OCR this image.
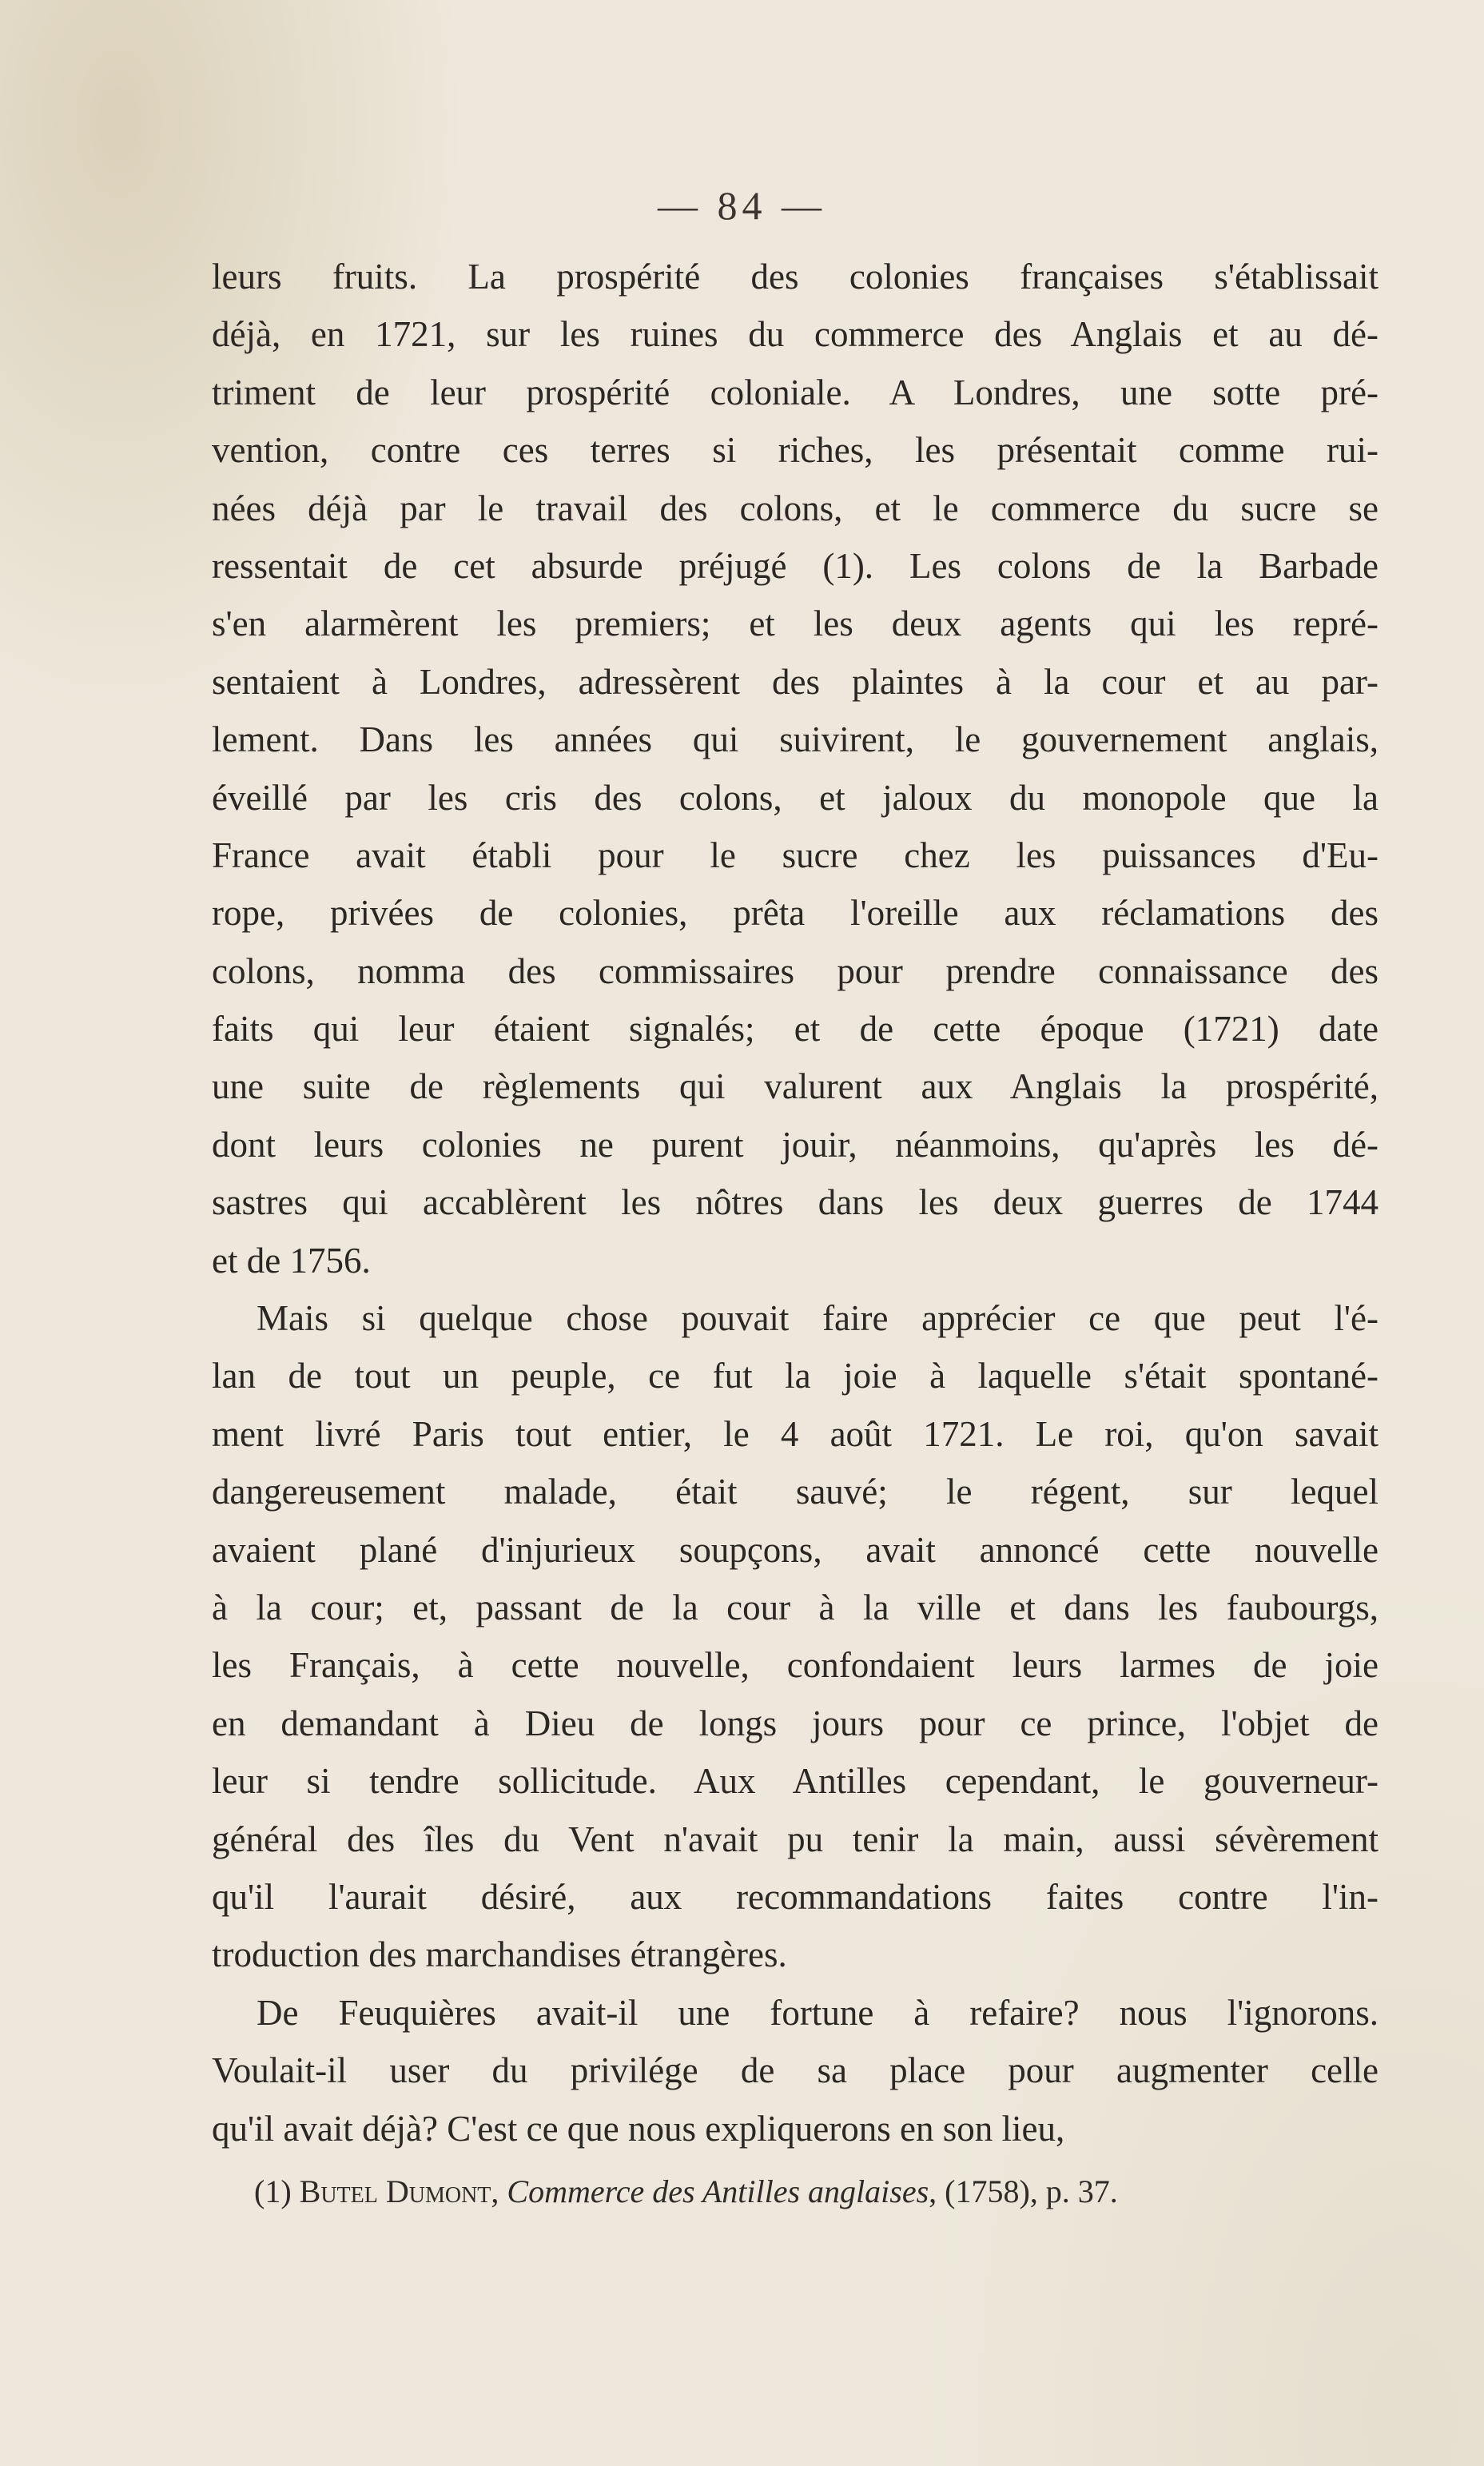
— 84 —
leurs fruits. La prospérité des colonies françaises s'établissait
déjà, en 1721, sur les ruines du commerce des Anglais et au dé-
triment de leur prospérité coloniale. A Londres, une sotte pré-
vention, contre ces terres si riches, les présentait comme rui-
nées déjà par le travail des colons, et le commerce du sucre se
ressentait de cet absurde préjugé (1). Les colons de la Barbade
s'en alarmèrent les premiers; et les deux agents qui les repré-
sentaient à Londres, adressèrent des plaintes à la cour et au par-
lement. Dans les années qui suivirent, le gouvernement anglais,
éveillé par les cris des colons, et jaloux du monopole que la
France avait établi pour le sucre chez les puissances d'Eu-
rope, privées de colonies, prêta l'oreille aux réclamations des
colons, nomma des commissaires pour prendre connaissance des
faits qui leur étaient signalés; et de cette époque (1721) date
une suite de règlements qui valurent aux Anglais la prospérité,
dont leurs colonies ne purent jouir, néanmoins, qu'après les dé-
sastres qui accablèrent les nôtres dans les deux guerres de 1744
et de 1756.
Mais si quelque chose pouvait faire apprécier ce que peut l'é-
lan de tout un peuple, ce fut la joie à laquelle s'était spontané-
ment livré Paris tout entier, le 4 août 1721. Le roi, qu'on savait
dangereusement malade, était sauvé; le régent, sur lequel
avaient plané d'injurieux soupçons, avait annoncé cette nouvelle
à la cour; et, passant de la cour à la ville et dans les faubourgs,
les Français, à cette nouvelle, confondaient leurs larmes de joie
en demandant à Dieu de longs jours pour ce prince, l'objet de
leur si tendre sollicitude. Aux Antilles cependant, le gouverneur-
général des îles du Vent n'avait pu tenir la main, aussi sévèrement
qu'il l'aurait désiré, aux recommandations faites contre l'in-
troduction des marchandises étrangères.
De Feuquières avait-il une fortune à refaire? nous l'ignorons.
Voulait-il user du privilége de sa place pour augmenter celle
qu'il avait déjà? C'est ce que nous expliquerons en son lieu,
(1) Butel Dumont, Commerce des Antilles anglaises, (1758), p. 37.
